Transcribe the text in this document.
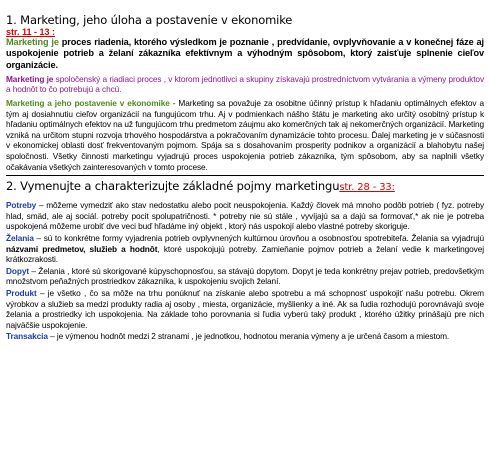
1. Marketing, jeho úloha a postavenie v ekonomike

str. 11 - 13 :

Marketing je proces riadenia, ktorého výsledkom je poznanie , predvídanie, ovplyvňovanie a v konečnej fáze aj uspokojenie potrieb a želaní zákazníka efektívnym a výhodným spôsobom, ktorý zaisťuje splnenie cieľov organizácie.

Marketing je spoločenský a riadiaci proces , v ktorom jednotlivci a skupiny získavajú prostredníctvom vytvárania a výmeny produktov a hodnôt to čo potrebujú a chcú.

Marketing a jeho postavenie v ekonomike - Marketing sa považuje za osobitne účinný prístup k hľadaniu optimálnych efektov a tým aj dosiahnutiu cieľov organizácií na fungujúcom trhu. Aj v podmienkach nášho štátu je marketing ako určitý osobitný prístup k hľadaniu optimálnych efektov na už fungujúcom trhu predmetom záujmu ako komerčných tak aj nekomerčných organizácií. Marketing vzniká na určitom stupni rozvoja trhového hospodárstva a pokračovaním dynamizácie tohto procesu. Ďalej marketing je v súčasnosti v ekonomickej oblasti dosť frekventovaným pojmom. Spája sa s dosahovaním prosperity podnikov a organizácií a blahobytu našej spoločnosti. Všetky činnosti marketingu vyjadrujú proces uspokojenia potrieb zákazníka, tým spôsobom, aby sa naplnili všetky očakávania všetkých zainteresovaných v tomto procese.

2. Vymenujte a charakterizujte základné pojmy marketingustr. 28 - 33:

Potreby – môžeme vymedziť ako stav nedostatku alebo pocit neuspokojenia. Každý človek má mnoho podôb potrieb ( fyz. potreby hlad, smäd, ale aj sociál. potreby pocit spolupatričnosti. * potreby nie sú stále , vyvíjajú sa a dajú sa formovať,* ak nie je potreba uspokojená môžeme urobiť dve veci buď hľadáme iný objekt , ktorý nás uspokojí alebo vlastné potreby skoriguje.

Želania – sú to konkrétne formy vyjadrenia potrieb ovplyvnených kultúrnou úrovňou a osobnosťou spotrebiteľa. Želania sa vyjadrujú názvami predmetov, služieb a hodnôt, ktoré uspokojujú potreby. Zamieňanie pojmov potrieb a želaní vedie k marketingovej krátkozrakosti.

Dopyt – Želania , ktoré sú skorigované kúpyschopnosťou, sa stávajú dopytom. Dopyt je teda konkrétny prejav potrieb, predovšetkým množstvom peňažných prostriedkov zákazníka, k uspokojeniu svojich želaní.

Produkt – je všetko , čo sa môže na trhu ponúknuť na získanie alebo spotrebu a má schopnosť uspokojiť našu potrebu. Okrem výrobkov a služieb sa medzi produkty radia aj osoby , miesta, organizácie, myšlienky a iné. Ak sa ľudia rozhodujú porovnávajú svoje želania a prostriedky ich uspokojenia. Na základe toho porovnania si ľudia vyberú taký produkt , ktorého úžitky prinášajú pre nich najväčšie uspokojenie.

Transakcia – je výmenou hodnôt medzi 2 stranami , je jednotkou, hodnotou merania výmeny a je určená časom a miestom.
